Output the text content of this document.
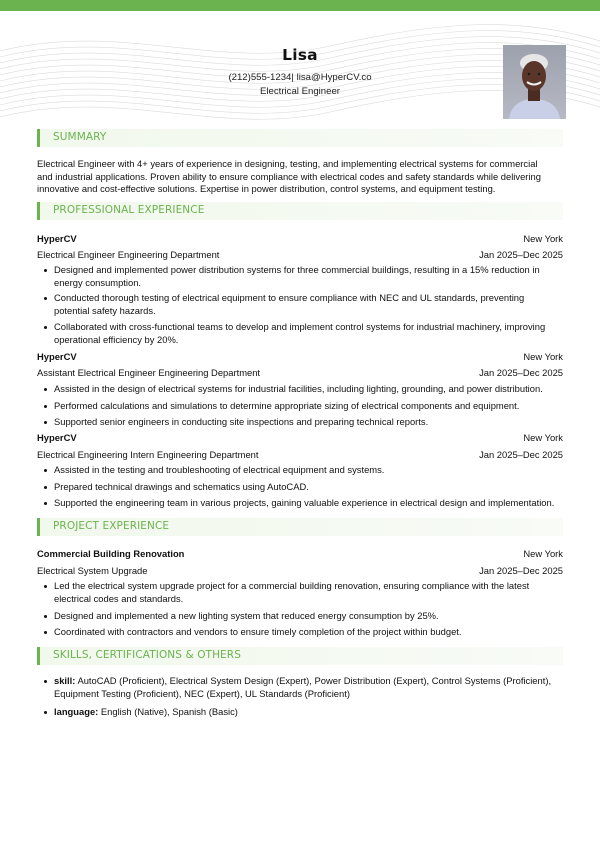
Lisa
(212)555-1234| lisa@HyperCV.co
Electrical Engineer
SUMMARY
Electrical Engineer with 4+ years of experience in designing, testing, and implementing electrical systems for commercial
and industrial applications. Proven ability to ensure compliance with electrical codes and safety standards while delivering
innovative and cost-effective solutions. Expertise in power distribution, control systems, and equipment testing.
PROFESSIONAL EXPERIENCE
HyperCV	New York
Electrical Engineer Engineering Department	Jan 2025–Dec 2025
Designed and implemented power distribution systems for three commercial buildings, resulting in a 15% reduction in
energy consumption.
Conducted thorough testing of electrical equipment to ensure compliance with NEC and UL standards, preventing
potential safety hazards.
Collaborated with cross-functional teams to develop and implement control systems for industrial machinery, improving
operational efficiency by 20%.
HyperCV	New York
Assistant Electrical Engineer Engineering Department	Jan 2025–Dec 2025
Assisted in the design of electrical systems for industrial facilities, including lighting, grounding, and power distribution.
Performed calculations and simulations to determine appropriate sizing of electrical components and equipment.
Supported senior engineers in conducting site inspections and preparing technical reports.
HyperCV	New York
Electrical Engineering Intern Engineering Department	Jan 2025–Dec 2025
Assisted in the testing and troubleshooting of electrical equipment and systems.
Prepared technical drawings and schematics using AutoCAD.
Supported the engineering team in various projects, gaining valuable experience in electrical design and implementation.
PROJECT EXPERIENCE
Commercial Building Renovation	New York
Electrical System Upgrade	Jan 2025–Dec 2025
Led the electrical system upgrade project for a commercial building renovation, ensuring compliance with the latest
electrical codes and standards.
Designed and implemented a new lighting system that reduced energy consumption by 25%.
Coordinated with contractors and vendors to ensure timely completion of the project within budget.
SKILLS, CERTIFICATIONS & OTHERS
skill: AutoCAD (Proficient), Electrical System Design (Expert), Power Distribution (Expert), Control Systems (Proficient),
Equipment Testing (Proficient), NEC (Expert), UL Standards (Proficient)
language: English (Native), Spanish (Basic)
